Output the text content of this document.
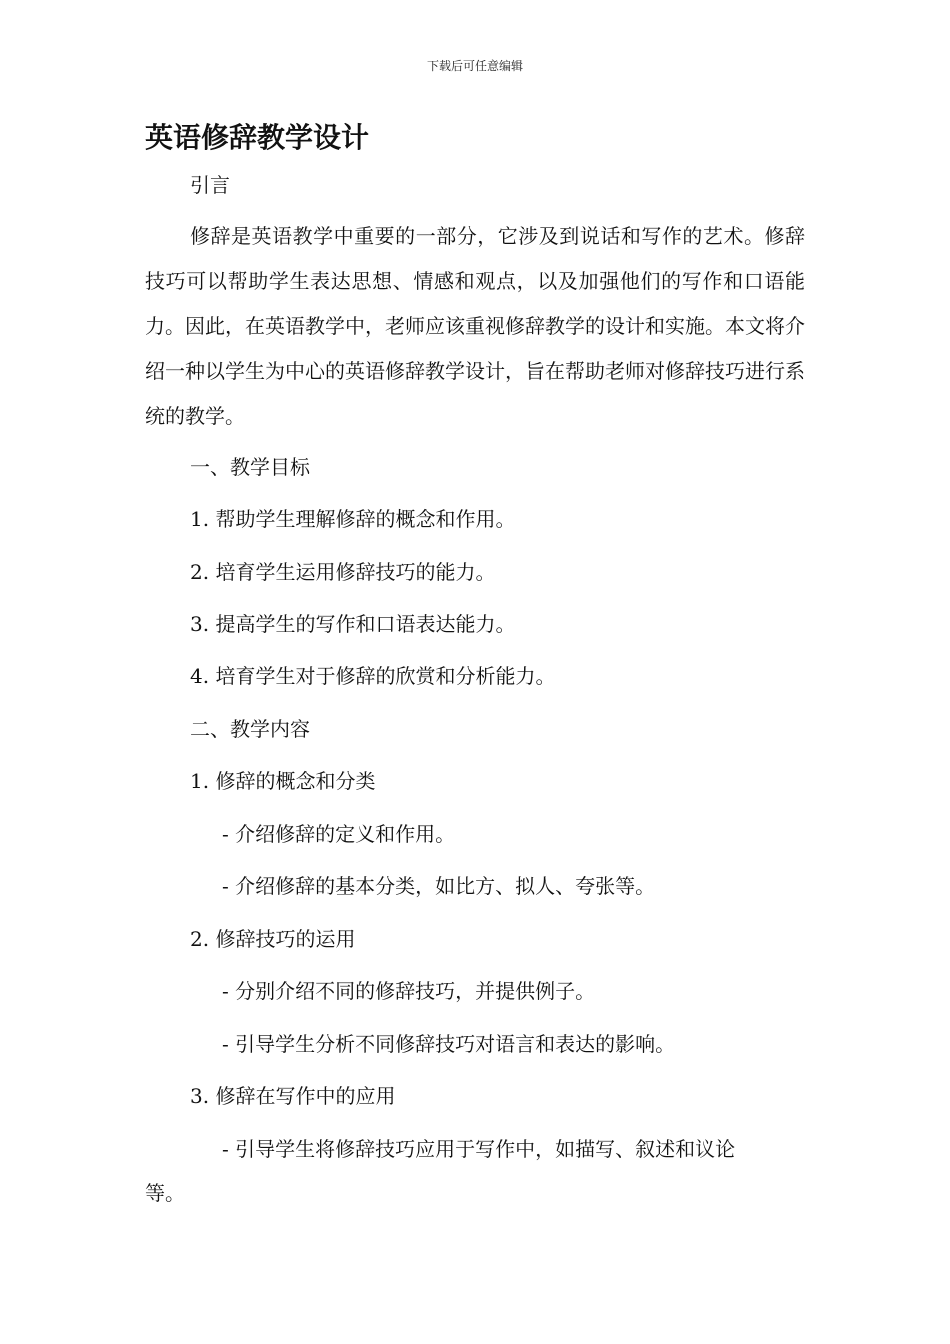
下载后可任意编辑
英语修辞教学设计
引言

修辞是英语教学中重要的一部分，它涉及到说话和写作的艺术。修辞技巧可以帮助学生表达思想、情感和观点，以及加强他们的写作和口语能力。因此，在英语教学中，老师应该重视修辞教学的设计和实施。本文将介绍一种以学生为中心的英语修辞教学设计，旨在帮助老师对修辞技巧进行系统的教学。

一、教学目标
1. 帮助学生理解修辞的概念和作用。
2. 培育学生运用修辞技巧的能力。
3. 提高学生的写作和口语表达能力。
4. 培育学生对于修辞的欣赏和分析能力。
二、教学内容
1. 修辞的概念和分类
- 介绍修辞的定义和作用。
- 介绍修辞的基本分类，如比方、拟人、夸张等。
2. 修辞技巧的运用
- 分别介绍不同的修辞技巧，并提供例子。
- 引导学生分析不同修辞技巧对语言和表达的影响。
3. 修辞在写作中的应用
- 引导学生将修辞技巧应用于写作中，如描写、叙述和议论
等。
